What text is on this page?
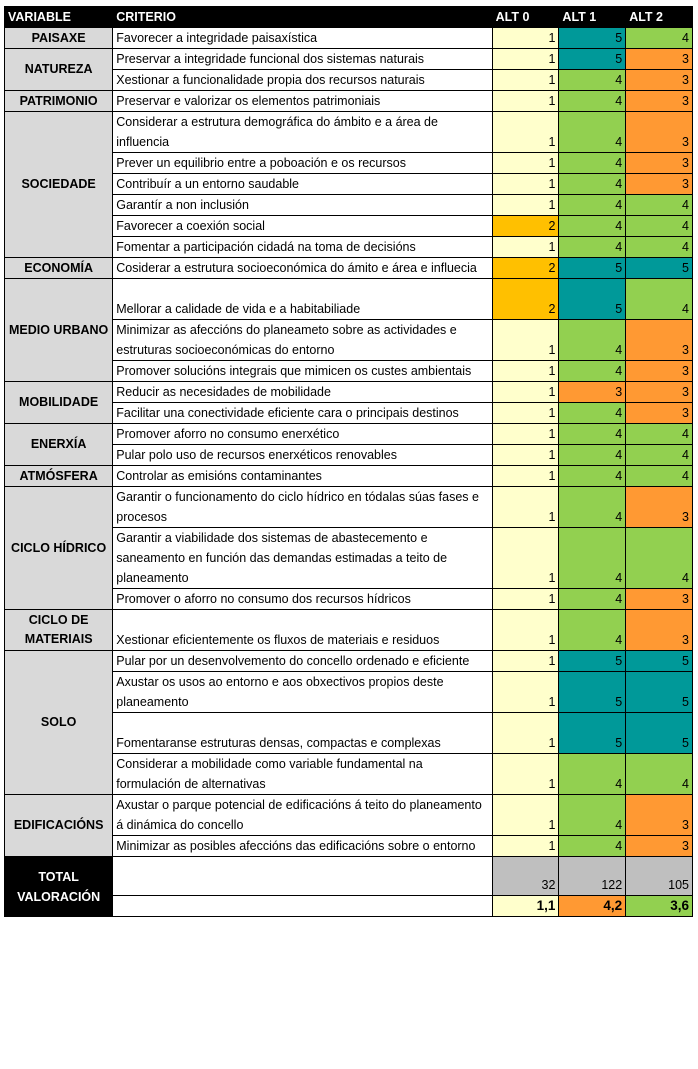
VARIABLE	CRITERIO	ALT 0	ALT 1	ALT 2
PAISAXE	Favorecer a integridade paisaxística	1	5	4
NATUREZA	Preservar a integridade funcional dos sistemas naturais	1	5	3
	Xestionar a funcionalidade propia dos recursos naturais	1	4	3
PATRIMONIO	Preservar e valorizar os elementos patrimoniais	1	4	3
SOCIEDADE	Considerar a estrutura demográfica do ámbito e a área de influencia	1	4	3
	Prever un equilibrio entre a poboación e os recursos	1	4	3
	Contribuír a un entorno saudable	1	4	3
	Garantír a non inclusión	1	4	4
	Favorecer a coexión social	2	4	4
	Fomentar a participación cidadá na toma de decisións	1	4	4
ECONOMÍA	Cosiderar a estrutura socioeconómica do ámito e área e influecia	2	5	5
MEDIO URBANO	Mellorar a calidade de vida e a habitabiliade	2	5	4
	Minimizar as afeccións do planeameto sobre as actividades e estruturas socioeconómicas do entorno	1	4	3
	Promover solucións integrais que mimicen os custes ambientais	1	4	3
MOBILIDADE	Reducir as necesidades de mobilidade	1	3	3
	Facilitar una conectividade eficiente cara o principais destinos	1	4	3
ENERXÍA	Promover aforro no consumo enerxético	1	4	4
	Pular polo uso de recursos enerxéticos renovables	1	4	4
ATMÓSFERA	Controlar as emisións contaminantes	1	4	4
CICLO HÍDRICO	Garantir o funcionamento do ciclo hídrico en tódalas súas fases e procesos	1	4	3
	Garantir a viabilidade dos sistemas de abastecemento e saneamento en función das demandas estimadas a teito de planeamento	1	4	4
	Promover o aforro no consumo dos recursos hídricos	1	4	3
CICLO DE MATERIAIS	Xestionar eficientemente os fluxos de materiais e residuos	1	4	3
SOLO	Pular por un desenvolvemento do concello ordenado e eficiente	1	5	5
	Axustar os usos ao entorno e aos obxectivos propios deste planeamento	1	5	5
	Fomentaranse estruturas densas, compactas e complexas	1	5	5
	Considerar a mobilidade como variable fundamental na formulación de alternativas	1	4	4
EDIFICACIÓNS	Axustar o parque potencial de edificacións á teito do planeamento á dinámica do concello	1	4	3
	Minimizar as posibles afeccións das edificacións sobre o entorno	1	4	3
TOTAL VALORACIÓN		32	122	105
		1,1	4,2	3,6
